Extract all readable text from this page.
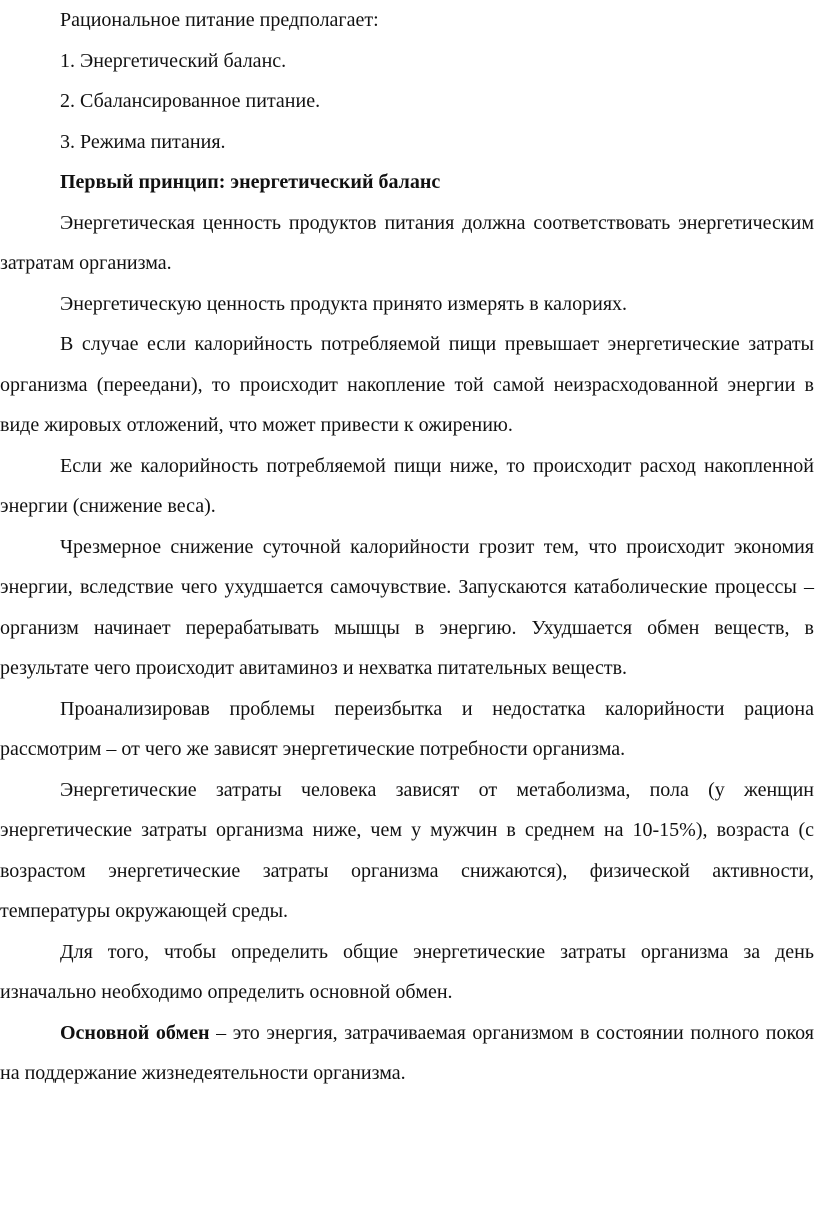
Рациональное питание предполагает:

1. Энергетический баланс.

2. Сбалансированное питание.

3. Режима питания.

Первый принцип: энергетический баланс

Энергетическая ценность продуктов питания должна соответствовать энергетическим затратам организма.

Энергетическую ценность продукта принято измерять в калориях.

В случае если калорийность потребляемой пищи превышает энергетические затраты организма (переедани), то происходит накопление той самой неизрасходованной энергии в виде жировых отложений, что может привести к ожирению.

Если же калорийность потребляемой пищи ниже, то происходит расход накопленной энергии (снижение веса).

Чрезмерное снижение суточной калорийности грозит тем, что происходит экономия энергии, вследствие чего ухудшается самочувствие. Запускаются катаболические процессы – организм начинает перерабатывать мышцы в энергию. Ухудшается обмен веществ, в результате чего происходит авитаминоз и нехватка питательных веществ.

Проанализировав проблемы переизбытка и недостатка калорийности рациона рассмотрим – от чего же зависят энергетические потребности организма.

Энергетические затраты человека зависят от метаболизма, пола (у женщин энергетические затраты организма ниже, чем у мужчин в среднем на 10-15%), возраста (с возрастом энергетические затраты организма снижаются), физической активности, температуры окружающей среды.

Для того, чтобы определить общие энергетические затраты организма за день изначально необходимо определить основной обмен.

Основной обмен – это энергия, затрачиваемая организмом в состоянии полного покоя на поддержание жизнедеятельности организма.
